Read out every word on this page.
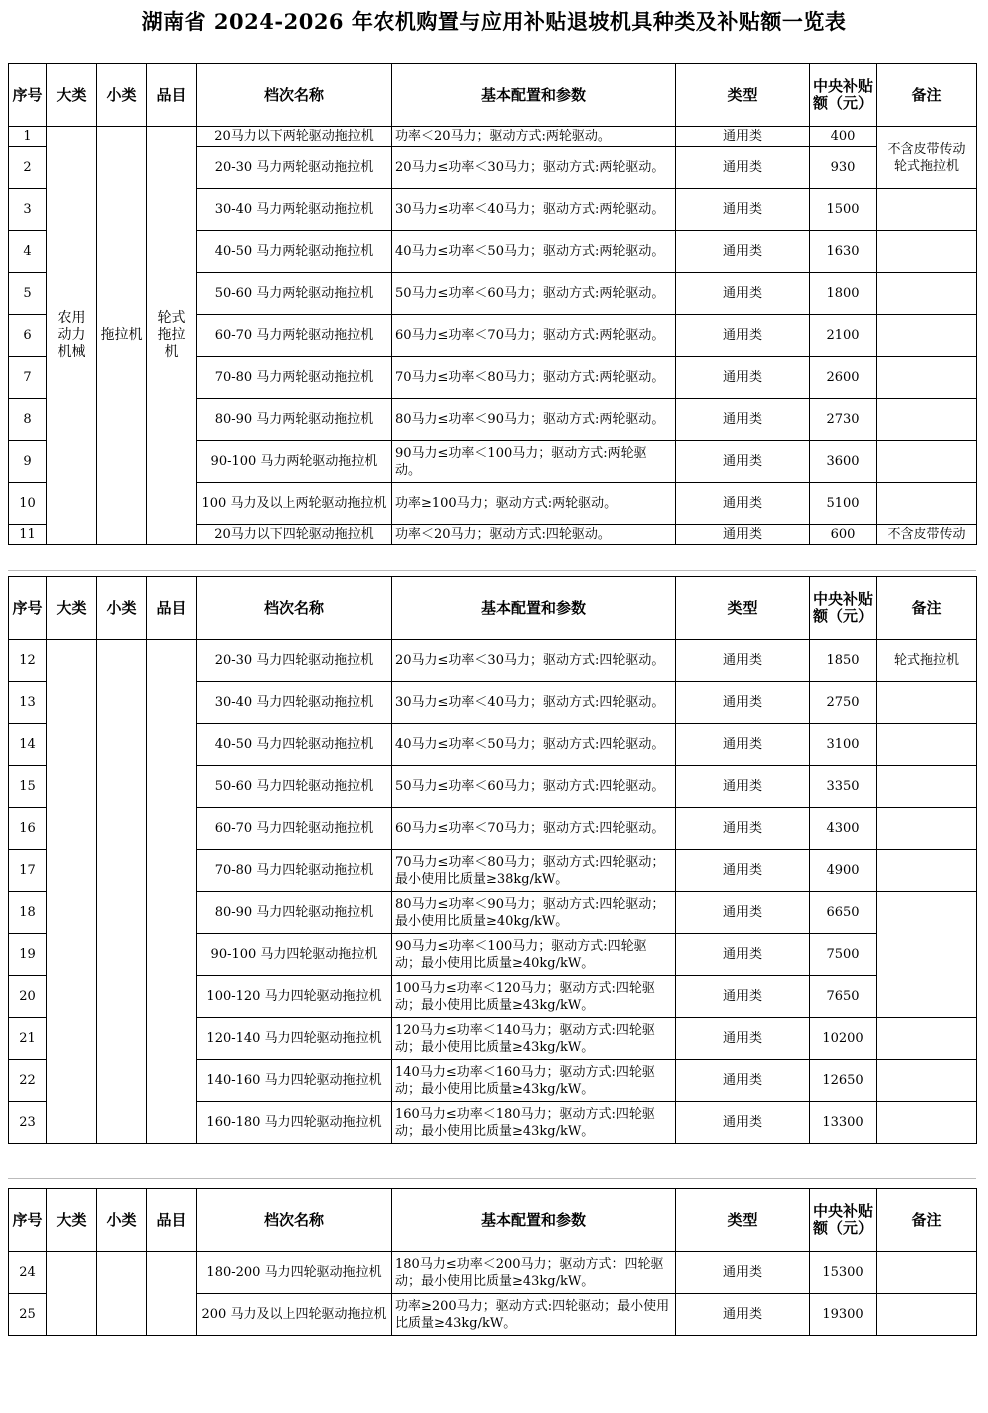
湖南省 2024-2026 年农机购置与应用补贴退坡机具种类及补贴额一览表
序号	大类	小类	品目	档次名称	基本配置和参数	类型	中央补贴额（元）	备注
1	农用动力机械	拖拉机	轮式拖拉机	20马力以下两轮驱动拖拉机	功率＜20马力；驱动方式:两轮驱动。	通用类	400	不含皮带传动轮式拖拉机
2				20-30 马力两轮驱动拖拉机	20马力≤功率＜30马力；驱动方式:两轮驱动。	通用类	930	
3				30-40 马力两轮驱动拖拉机	30马力≤功率＜40马力；驱动方式:两轮驱动。	通用类	1500	
4				40-50 马力两轮驱动拖拉机	40马力≤功率＜50马力；驱动方式:两轮驱动。	通用类	1630	
5				50-60 马力两轮驱动拖拉机	50马力≤功率＜60马力；驱动方式:两轮驱动。	通用类	1800	
6				60-70 马力两轮驱动拖拉机	60马力≤功率＜70马力；驱动方式:两轮驱动。	通用类	2100	
7				70-80 马力两轮驱动拖拉机	70马力≤功率＜80马力；驱动方式:两轮驱动。	通用类	2600	
8				80-90 马力两轮驱动拖拉机	80马力≤功率＜90马力；驱动方式:两轮驱动。	通用类	2730	
9				90-100 马力两轮驱动拖拉机	90马力≤功率＜100马力；驱动方式:两轮驱动。	通用类	3600	
10				100 马力及以上两轮驱动拖拉机	功率≥100马力；驱动方式:两轮驱动。	通用类	5100	
11				20马力以下四轮驱动拖拉机	功率＜20马力；驱动方式:四轮驱动。	通用类	600	不含皮带传动
序号	大类	小类	品目	档次名称	基本配置和参数	类型	中央补贴额（元）	备注
12				20-30 马力四轮驱动拖拉机	20马力≤功率＜30马力；驱动方式:四轮驱动。	通用类	1850	轮式拖拉机
13				30-40 马力四轮驱动拖拉机	30马力≤功率＜40马力；驱动方式:四轮驱动。	通用类	2750	
14				40-50 马力四轮驱动拖拉机	40马力≤功率＜50马力；驱动方式:四轮驱动。	通用类	3100	
15				50-60 马力四轮驱动拖拉机	50马力≤功率＜60马力；驱动方式:四轮驱动。	通用类	3350	
16				60-70 马力四轮驱动拖拉机	60马力≤功率＜70马力；驱动方式:四轮驱动。	通用类	4300	
17				70-80 马力四轮驱动拖拉机	70马力≤功率＜80马力；驱动方式:四轮驱动；最小使用比质量≥38kg/kW。	通用类	4900	
18				80-90 马力四轮驱动拖拉机	80马力≤功率＜90马力；驱动方式:四轮驱动；最小使用比质量≥40kg/kW。	通用类	6650	
19				90-100 马力四轮驱动拖拉机	90马力≤功率＜100马力；驱动方式:四轮驱动；最小使用比质量≥40kg/kW。	通用类	7500	
20				100-120 马力四轮驱动拖拉机	100马力≤功率＜120马力；驱动方式:四轮驱动；最小使用比质量≥43kg/kW。	通用类	7650	
21				120-140 马力四轮驱动拖拉机	120马力≤功率＜140马力；驱动方式:四轮驱动；最小使用比质量≥43kg/kW。	通用类	10200	
22				140-160 马力四轮驱动拖拉机	140马力≤功率＜160马力；驱动方式:四轮驱动；最小使用比质量≥43kg/kW。	通用类	12650	
23				160-180 马力四轮驱动拖拉机	160马力≤功率＜180马力；驱动方式:四轮驱动；最小使用比质量≥43kg/kW。	通用类	13300	
序号	大类	小类	品目	档次名称	基本配置和参数	类型	中央补贴额（元）	备注
24				180-200 马力四轮驱动拖拉机	180马力≤功率＜200马力；驱动方式：四轮驱动；最小使用比质量≥43kg/kW。	通用类	15300	
25				200 马力及以上四轮驱动拖拉机	功率≥200马力；驱动方式:四轮驱动；最小使用比质量≥43kg/kW。	通用类	19300	
